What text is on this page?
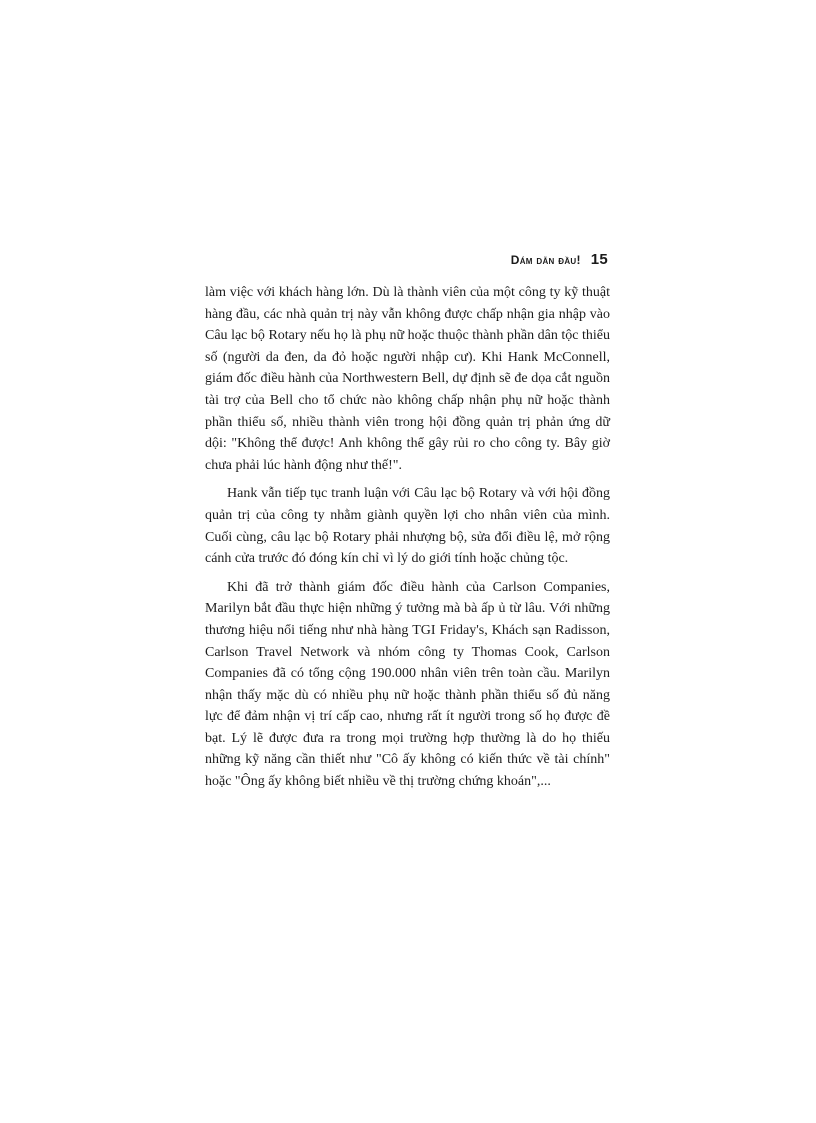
Dám dẫn đầu! 15

làm việc với khách hàng lớn. Dù là thành viên của một công ty kỹ thuật hàng đầu, các nhà quản trị này vẫn không được chấp nhận gia nhập vào Câu lạc bộ Rotary nếu họ là phụ nữ hoặc thuộc thành phần dân tộc thiểu số (người da đen, da đỏ hoặc người nhập cư). Khi Hank McConnell, giám đốc điều hành của Northwestern Bell, dự định sẽ đe dọa cắt nguồn tài trợ của Bell cho tổ chức nào không chấp nhận phụ nữ hoặc thành phần thiểu số, nhiều thành viên trong hội đồng quản trị phản ứng dữ dội: "Không thể được! Anh không thể gây rủi ro cho công ty. Bây giờ chưa phải lúc hành động như thế!".

Hank vẫn tiếp tục tranh luận với Câu lạc bộ Rotary và với hội đồng quản trị của công ty nhằm giành quyền lợi cho nhân viên của mình. Cuối cùng, câu lạc bộ Rotary phải nhượng bộ, sửa đổi điều lệ, mở rộng cánh cửa trước đó đóng kín chỉ vì lý do giới tính hoặc chủng tộc.

Khi đã trở thành giám đốc điều hành của Carlson Companies, Marilyn bắt đầu thực hiện những ý tưởng mà bà ấp ủ từ lâu. Với những thương hiệu nổi tiếng như nhà hàng TGI Friday's, Khách sạn Radisson, Carlson Travel Network và nhóm công ty Thomas Cook, Carlson Companies đã có tổng cộng 190.000 nhân viên trên toàn cầu. Marilyn nhận thấy mặc dù có nhiều phụ nữ hoặc thành phần thiểu số đủ năng lực để đảm nhận vị trí cấp cao, nhưng rất ít người trong số họ được đề bạt. Lý lẽ được đưa ra trong mọi trường hợp thường là do họ thiếu những kỹ năng cần thiết như "Cô ấy không có kiến thức về tài chính" hoặc "Ông ấy không biết nhiều về thị trường chứng khoán",...
